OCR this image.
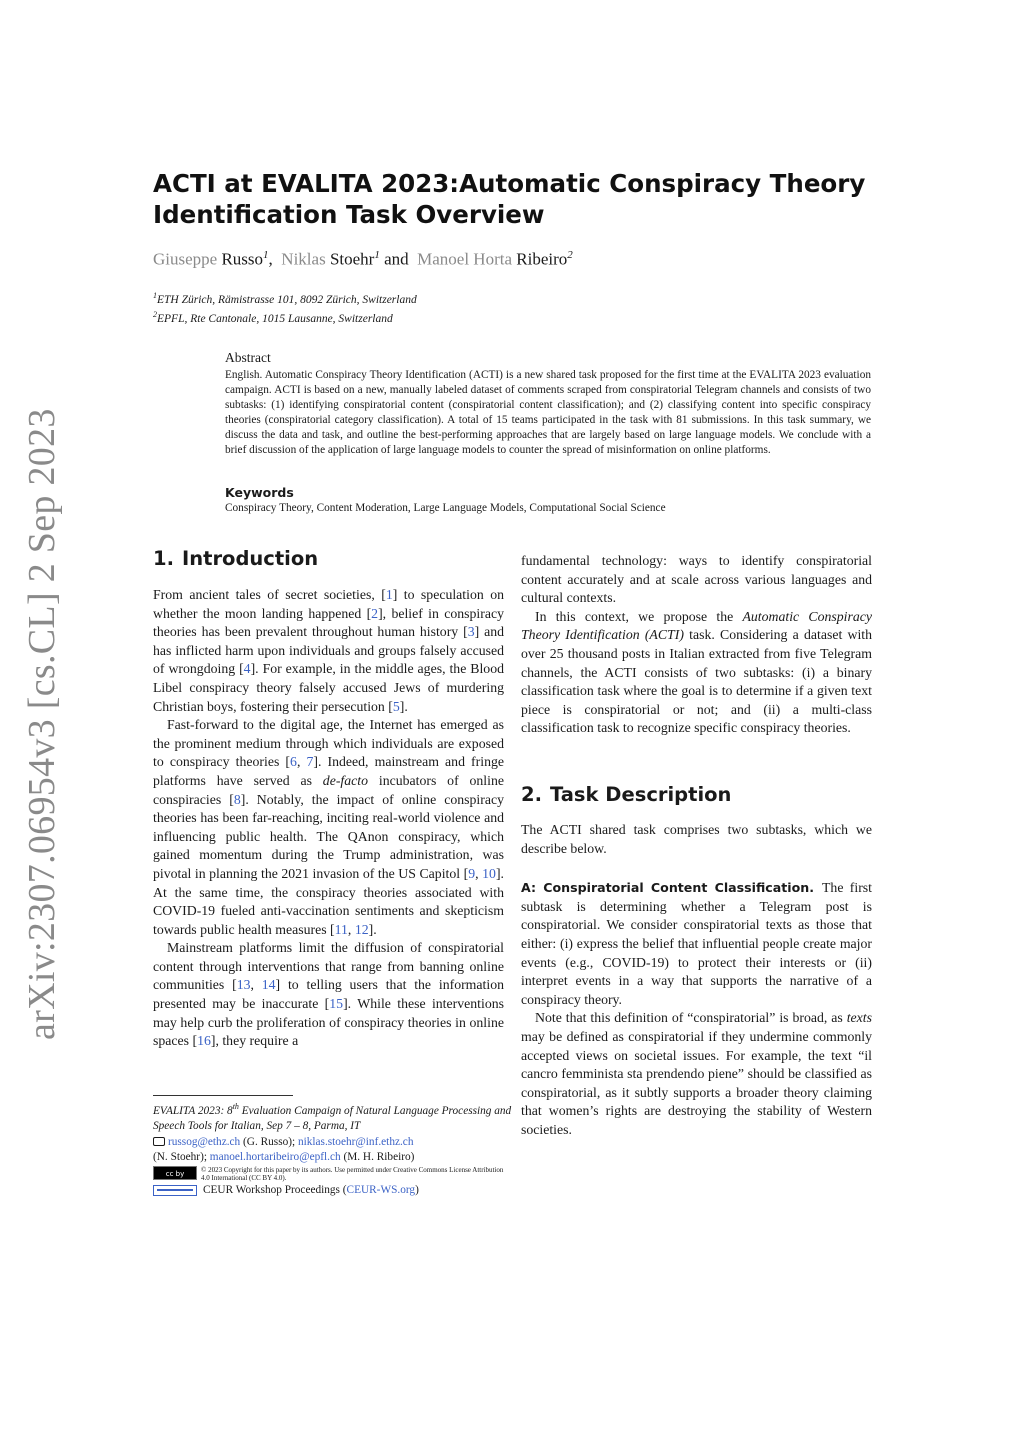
arXiv:2307.06954v3 [cs.CL] 2 Sep 2023
ACTI at EVALITA 2023:Automatic Conspiracy Theory
Identification Task Overview
Giuseppe Russo$^1$, Niklas Stoehr$^1$ and Manoel Horta Ribeiro$^2$
$^1$ETH Zürich, Rämistrasse 101, 8092 Zürich, Switzerland
$^2$EPFL, Rte Cantonale, 1015 Lausanne, Switzerland
Abstract
English. Automatic Conspiracy Theory Identification (ACTI) is a new shared task proposed for the first time at the EVALITA 2023 evaluation campaign. ACTI is based on a new, manually labeled dataset of comments scraped from conspiratorial Telegram channels and consists of two subtasks: (1) identifying conspiratorial content (conspiratorial content classification); and (2) classifying content into specific conspiracy theories (conspiratorial category classification). A total of 15 teams participated in the task with 81 submissions. In this task summary, we discuss the data and task, and outline the best-performing approaches that are largely based on large language models. We conclude with a brief discussion of the application of large language models to counter the spread of misinformation on online platforms.
Keywords
Conspiracy Theory, Content Moderation, Large Language Models, Computational Social Science
1. Introduction

From ancient tales of secret societies, [1] to speculation on whether the moon landing happened [2], belief in conspiracy theories has been prevalent throughout human history [3] and has inflicted harm upon individuals and groups falsely accused of wrongdoing [4]. For example, in the middle ages, the Blood Libel conspiracy theory falsely accused Jews of murdering Christian boys, fostering their persecution [5].

Fast-forward to the digital age, the Internet has emerged as the prominent medium through which individuals are exposed to conspiracy theories [6, 7]. Indeed, mainstream and fringe platforms have served as de-facto incubators of online conspiracies [8]. Notably, the impact of online conspiracy theories has been far-reaching, inciting real-world violence and influencing public health. The QAnon conspiracy, which gained momentum during the Trump administration, was pivotal in planning the 2021 invasion of the US Capitol [9, 10]. At the same time, the conspiracy theories associated with COVID-19 fueled anti-vaccination sentiments and skepticism towards public health measures [11, 12].

Mainstream platforms limit the diffusion of conspiratorial content through interventions that range from banning online communities [13, 14] to telling users that the information presented may be inaccurate [15]. While these interventions may help curb the proliferation of conspiracy theories in online spaces [16], they require a

EVALITA 2023: 8th Evaluation Campaign of Natural Language Processing and Speech Tools for Italian, Sep 7 – 8, Parma, IT
russog@ethz.ch (G. Russo); niklas.stoehr@inf.ethz.ch
(N. Stoehr); manoel.hortaribeiro@epfl.ch (M. H. Ribeiro)
cc by	© 2023 Copyright for this paper by its authors. Use permitted under Creative Commons License Attribution 4.0 International (CC BY 4.0).
CEUR Workshop Proceedings (CEUR-WS.org)

fundamental technology: ways to identify conspiratorial content accurately and at scale across various languages and cultural contexts.

In this context, we propose the Automatic Conspiracy Theory Identification (ACTI) task. Considering a dataset with over 25 thousand posts in Italian extracted from five Telegram channels, the ACTI consists of two subtasks: (i) a binary classification task where the goal is to determine if a given text piece is conspiratorial or not; and (ii) a multi-class classification task to recognize specific conspiracy theories.

2. Task Description

The ACTI shared task comprises two subtasks, which we describe below.

A: Conspiratorial Content Classification. The first subtask is determining whether a Telegram post is conspiratorial. We consider conspiratorial texts as those that either: (i) express the belief that influential people create major events (e.g., COVID-19) to protect their interests or (ii) interpret events in a way that supports the narrative of a conspiracy theory.

Note that this definition of “conspiratorial” is broad, as texts may be defined as conspiratorial if they undermine commonly accepted views on societal issues. For example, the text “il cancro femminista sta prendendo piene” should be classified as conspiratorial, as it subtly supports a broader theory claiming that women’s rights are destroying the stability of Western societies.
